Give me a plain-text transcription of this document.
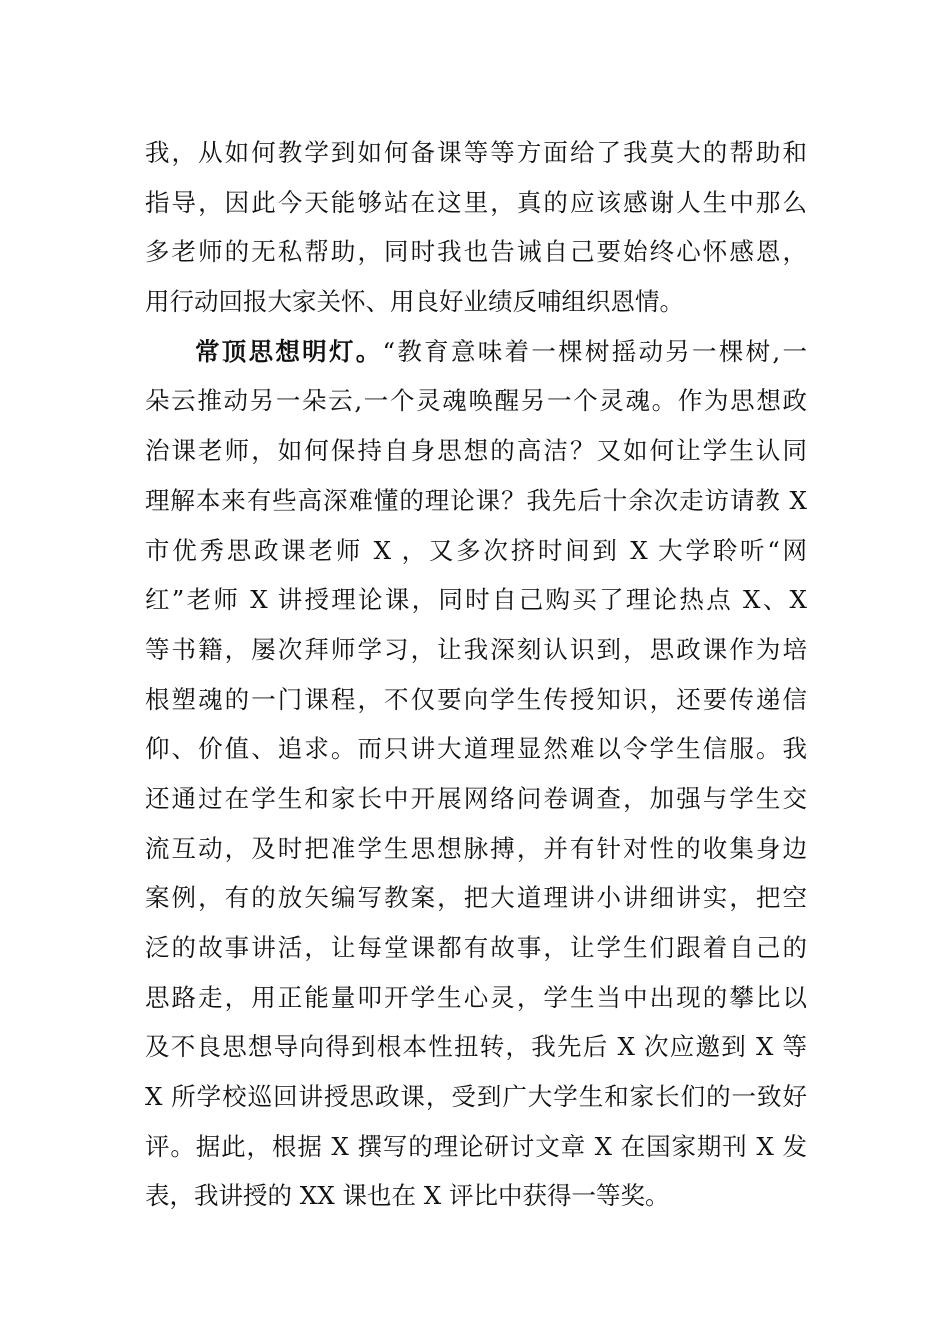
我，从如何教学到如何备课等等方面给了我莫大的帮助和
指导，因此今天能够站在这里，真的应该感谢人生中那么
多老师的无私帮助，同时我也告诫自己要始终心怀感恩，
用行动回报大家关怀、用良好业绩反哺组织恩情。
常顶思想明灯。“教育意味着一棵树摇动另一棵树,一
朵云推动另一朵云,一个灵魂唤醒另一个灵魂。作为思想政
治课老师，如何保持自身思想的高洁？又如何让学生认同
理解本来有些高深难懂的理论课？我先后十余次走访请教 X
市优秀思政课老师 X ，又多次挤时间到 X 大学聆听“网
红”老师 X 讲授理论课，同时自己购买了理论热点 X、X
等书籍，屡次拜师学习，让我深刻认识到，思政课作为培
根塑魂的一门课程，不仅要向学生传授知识，还要传递信
仰、价值、追求。而只讲大道理显然难以令学生信服。我
还通过在学生和家长中开展网络问卷调查，加强与学生交
流互动，及时把准学生思想脉搏，并有针对性的收集身边
案例，有的放矢编写教案，把大道理讲小讲细讲实，把空
泛的故事讲活，让每堂课都有故事，让学生们跟着自己的
思路走，用正能量叩开学生心灵，学生当中出现的攀比以
及不良思想导向得到根本性扭转，我先后 X 次应邀到 X 等
X 所学校巡回讲授思政课，受到广大学生和家长们的一致好
评。据此，根据 X 撰写的理论研讨文章 X 在国家期刊 X 发
表，我讲授的 XX 课也在 X 评比中获得一等奖。
